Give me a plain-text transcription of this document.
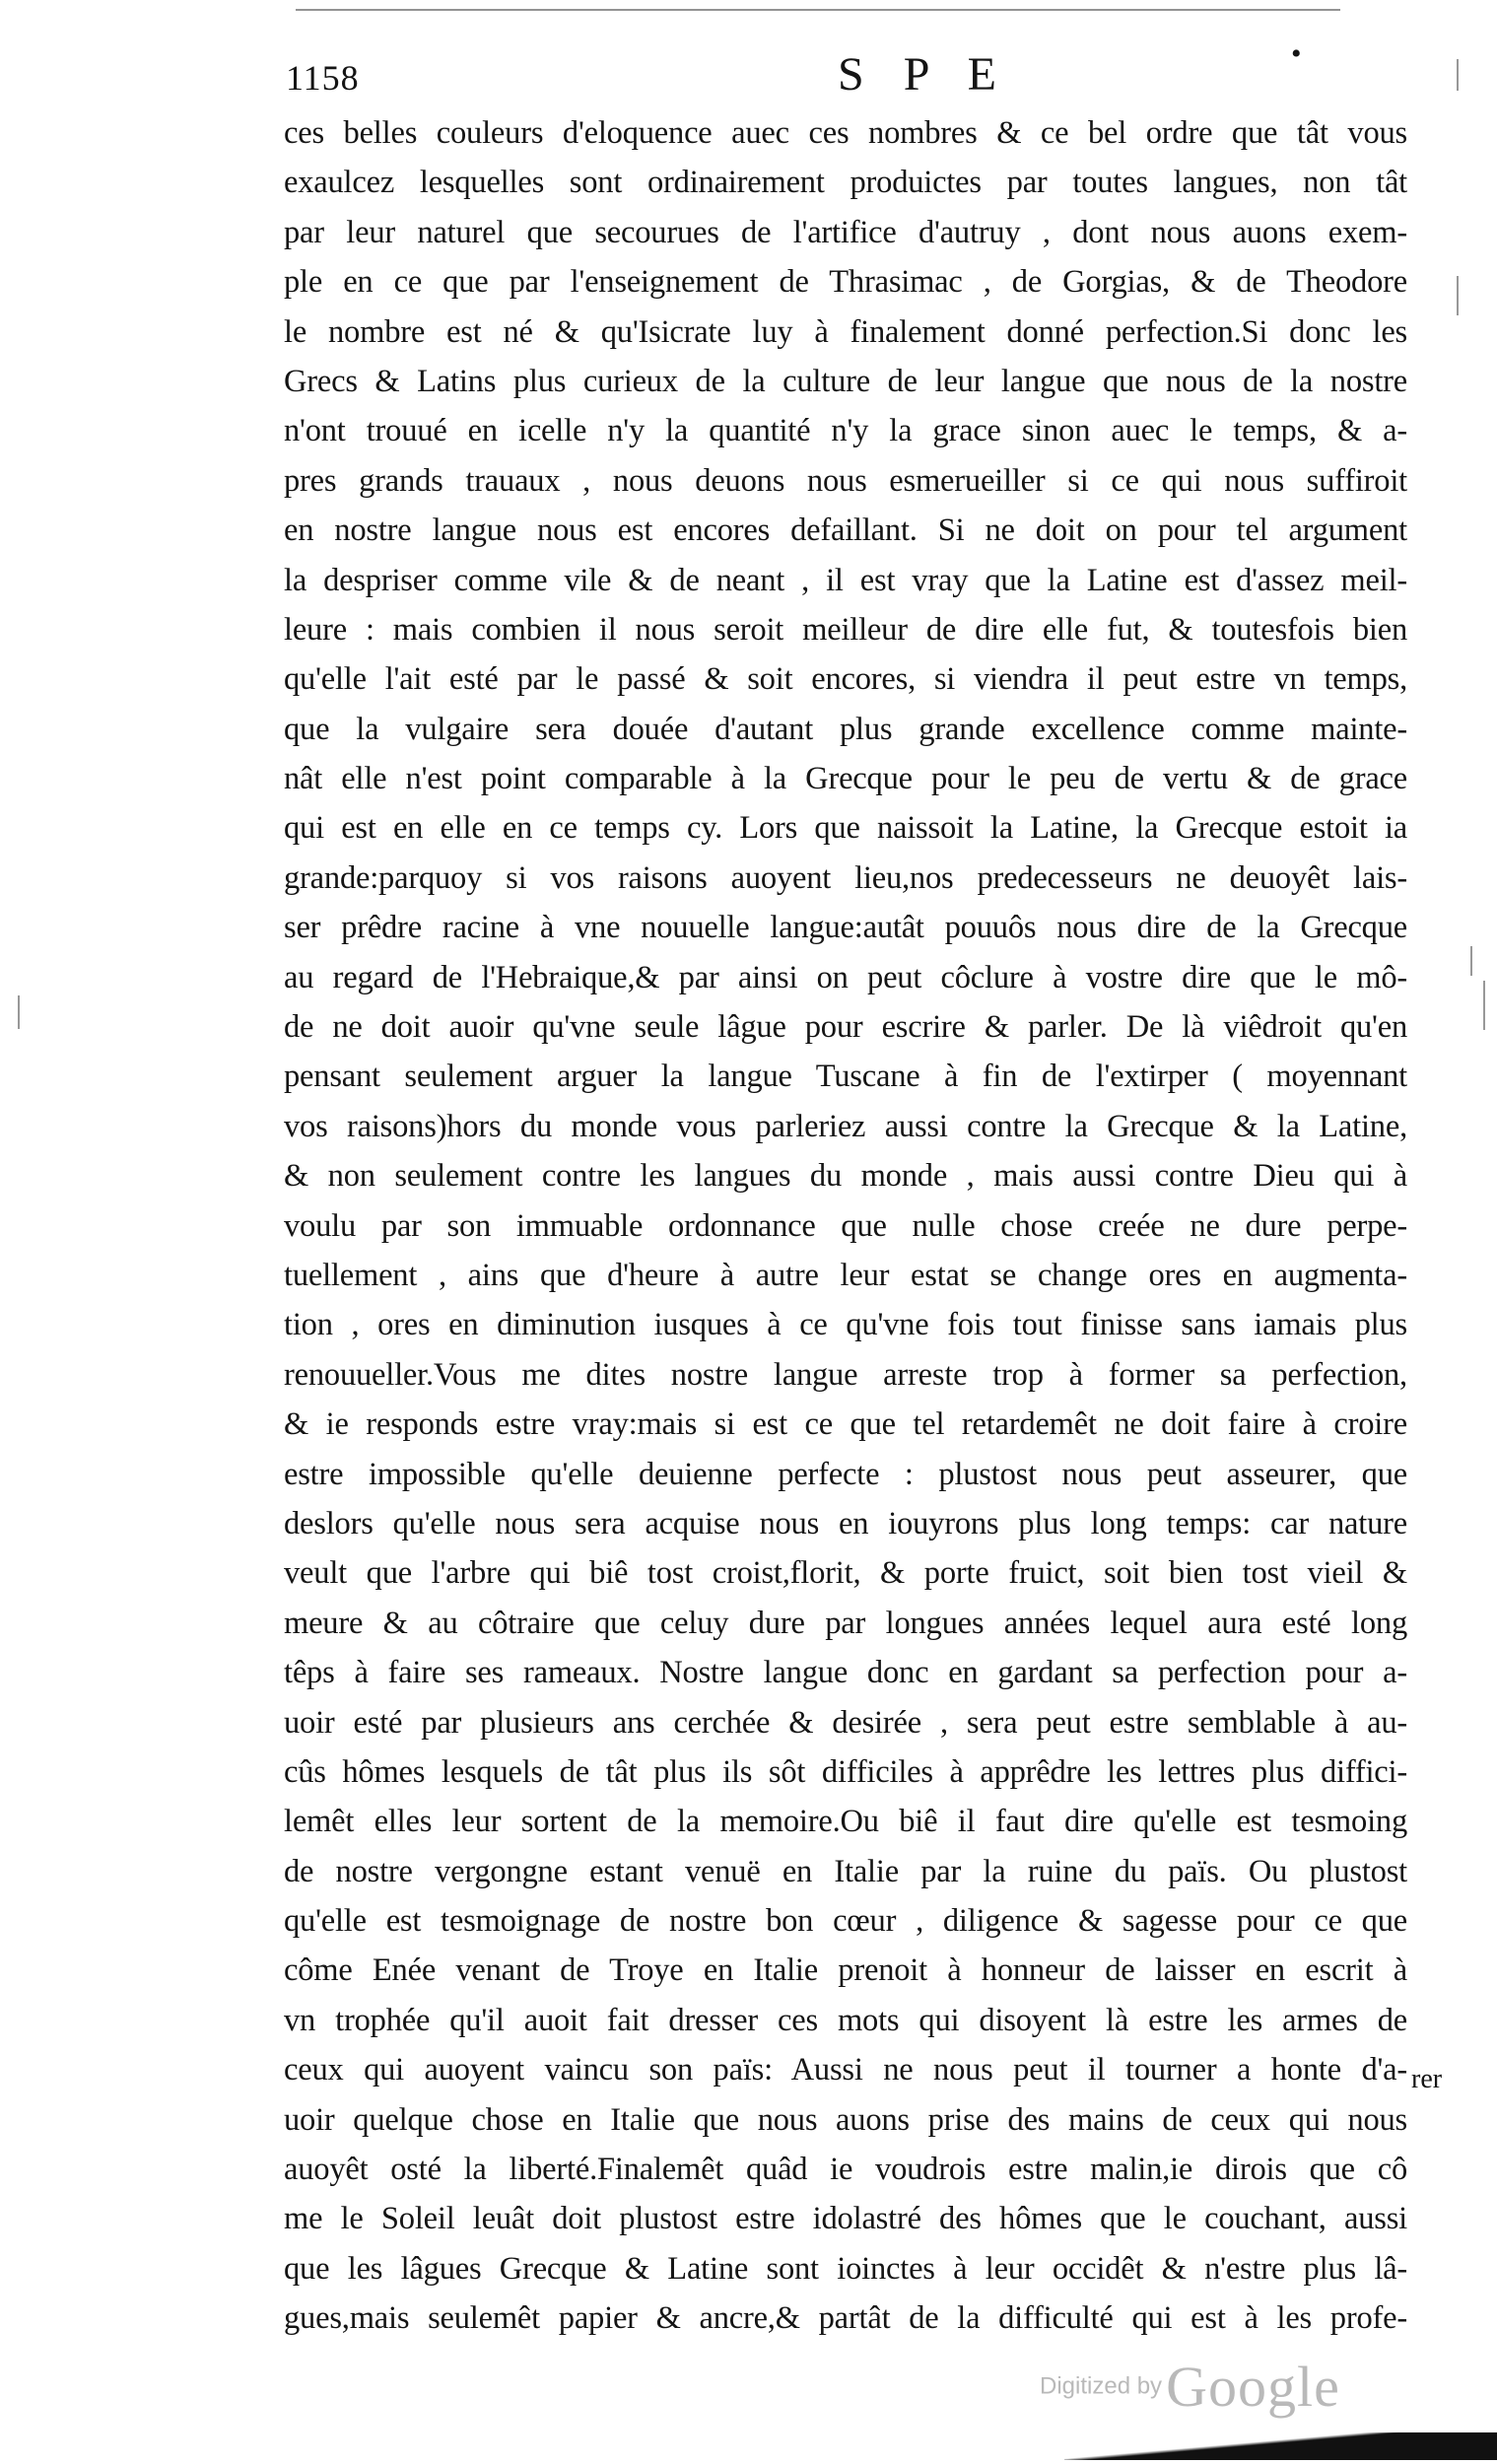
1158	S P E	•
ces belles couleurs d'eloquence auec ces nombres & ce bel ordre que tât vous
exaulcez lesquelles sont ordinairement produictes par toutes langues, non tât
par leur naturel que secourues de l'artifice d'autruy , dont nous auons exem-
ple en ce que par l'enseignement de Thrasimac , de Gorgias, & de Theodore
le nombre est né & qu'Isicrate luy à finalement donné perfection.Si donc les
Grecs & Latins plus curieux de la culture de leur langue que nous de la nostre
n'ont trouué en icelle n'y la quantité n'y la grace sinon auec le temps, & a-
pres grands trauaux , nous deuons nous esmerueiller si ce qui nous suffiroit
en nostre langue nous est encores defaillant. Si ne doit on pour tel argument
la despriser comme vile & de neant , il est vray que la Latine est d'assez meil-
leure : mais combien il nous seroit meilleur de dire elle fut, & toutesfois bien
qu'elle l'ait esté par le passé & soit encores, si viendra il peut estre vn temps,
que la vulgaire sera douée d'autant plus grande excellence comme mainte-
nât elle n'est point comparable à la Grecque pour le peu de vertu & de grace
qui est en elle en ce temps cy. Lors que naissoit la Latine, la Grecque estoit ia
grande:parquoy si vos raisons auoyent lieu,nos predecesseurs ne deuoyêt lais-
ser prêdre racine à vne nouuelle langue:autât pouuôs nous dire de la Grecque
au regard de l'Hebraique,& par ainsi on peut côclure à vostre dire que le mô-
de ne doit auoir qu'vne seule lâgue pour escrire & parler. De là viêdroit qu'en
pensant seulement arguer la langue Tuscane à fin de l'extirper ( moyennant
vos raisons)hors du monde vous parleriez aussi contre la Grecque & la Latine,
& non seulement contre les langues du monde , mais aussi contre Dieu qui à
voulu par son immuable ordonnance que nulle chose creée ne dure perpe-
tuellement , ains que d'heure à autre leur estat se change ores en augmenta-
tion , ores en diminution iusques à ce qu'vne fois tout finisse sans iamais plus
renouueller.Vous me dites nostre langue arreste trop à former sa perfection,
& ie responds estre vray:mais si est ce que tel retardemêt ne doit faire à croire
estre impossible qu'elle deuienne perfecte : plustost nous peut asseurer, que
deslors qu'elle nous sera acquise nous en iouyrons plus long temps: car nature
veult que l'arbre qui biê tost croist,florit, & porte fruict, soit bien tost vieil &
meure & au côtraire que celuy dure par longues années lequel aura esté long
têps à faire ses rameaux. Nostre langue donc en gardant sa perfection pour a-
uoir esté par plusieurs ans cerchée & desirée , sera peut estre semblable à au-
cûs hômes lesquels de tât plus ils sôt difficiles à apprêdre les lettres plus diffici-
lemêt elles leur sortent de la memoire.Ou biê il faut dire qu'elle est tesmoing
de nostre vergongne estant venuë en Italie par la ruine du païs. Ou plustost
qu'elle est tesmoignage de nostre bon cœur , diligence & sagesse pour ce que
côme Enée venant de Troye en Italie prenoit à honneur de laisser en escrit à
vn trophée qu'il auoit fait dresser ces mots qui disoyent là estre les armes de
ceux qui auoyent vaincu son païs: Aussi ne nous peut il tourner a honte d'a-
uoir quelque chose en Italie que nous auons prise des mains de ceux qui nous
auoyêt osté la liberté.Finalemêt quâd ie voudrois estre malin,ie dirois que cô
me le Soleil leuât doit plustost estre idolastré des hômes que le couchant, aussi
que les lâgues Grecque & Latine sont ioinctes à leur occidêt & n'estre plus lâ-
gues,mais seulemêt papier & ancre,& partât de la difficulté qui est à les profe-
rer
Digitized by Google
